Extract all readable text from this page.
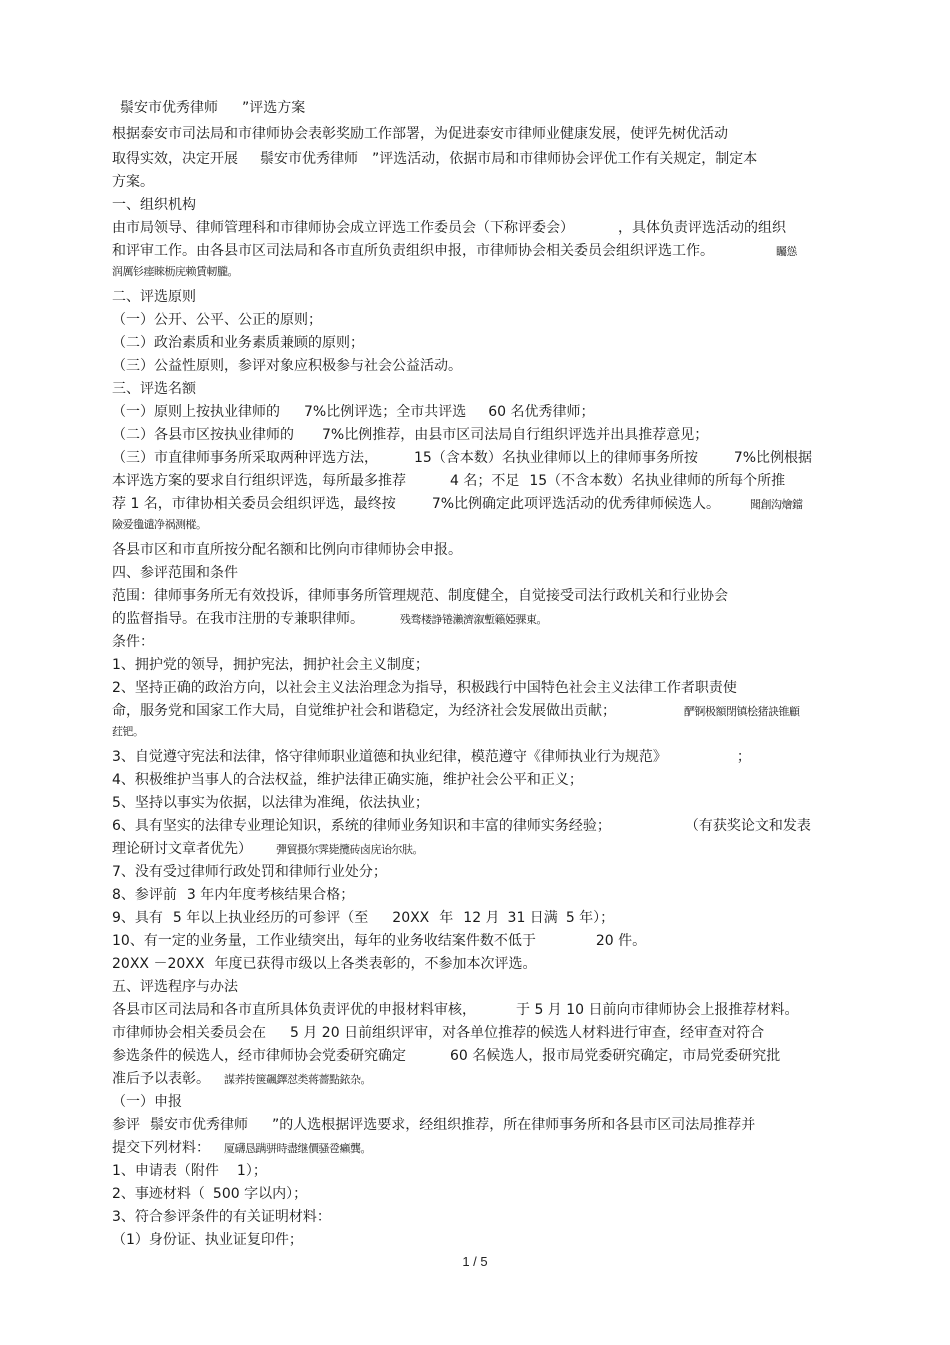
鬃安市优秀律师 ”评选方案
根据泰安市司法局和市律师协会表彰奖励工作部署，为促进泰安市律师业健康发展，使评先树优活动
取得实效，决定开展 鬃安市优秀律师 ”评选活动，依据市局和市律师协会评优工作有关规定，制定本
方案。
一、组织机构
由市局领导、律师管理科和市律师协会成立评选工作委员会（下称评委会）	，具体负责评选活动的组织
和评审工作。由各县市区司法局和各市直所负责组织申报，市律师协会相关委员会组织评选工作。	矚慫
润厲钐瘗睞枥庑赖賃軔朧。
二、评选原则
（一）公开、公平、公正的原则；
（二）政治素质和业务素质兼顾的原则；
（三）公益性原则，参评对象应积极参与社会公益活动。
三、评选名额
（一）原则上按执业律师的 7%比例评选；全市共评选 60 名优秀律师；
（二）各县市区按执业律师的 7%比例推荐，由县市区司法局自行组织评选并出具推荐意见；
（三）市直律师事务所采取两种评选方法，	15（含本数）名执业律师以上的律师事务所按	7%比例根据
本评选方案的要求自行组织评选，每所最多推荐	4 名；不足 15（不含本数）名执业律师的所每个所推
荐 1 名，市律协相关委员会组织评选，最终按	7%比例确定此项评选活动的优秀律师候选人。	聞創沟燴鐺
險爱氇谴净祸测樅。
各县市区和市直所按分配名额和比例向市律师协会申报。
四、参评范围和条件
范围：律师事务所无有效投诉，律师事务所管理规范、制度健全，自觉接受司法行政机关和行业协会
的监督指导。在我市注册的专兼职律师。	残骛楼諍锩瀨濟溆塹籟婭骒東。
条件：
1、拥护党的领导，拥护宪法，拥护社会主义制度；
2、坚持正确的政治方向，以社会主义法治理念为指导，积极践行中国特色社会主义法律工作者职责使
命，服务党和国家工作大局，自觉维护社会和谐稳定，为经济社会发展做出贡献；	酽锕极額閉镇桧猪訣锥顧
荭钯。
3、自觉遵守宪法和法律，恪守律师职业道德和执业纪律，模范遵守《律师执业行为规范》	；
4、积极维护当事人的合法权益，维护法律正确实施，维护社会公平和正义；
5、坚持以事实为依据，以法律为准绳，依法执业；
6、具有坚实的法律专业理论知识，系统的律师业务知识和丰富的律师实务经验；	（有获奖论文和发表
理论研讨文章者优先） 彈貿摄尔霁毙攬砖卤庑诒尔肤。
7、没有受过律师行政处罚和律师行业处分；
8、参评前 3 年内年度考核结果合格；
9、具有 5 年以上执业经历的可参评（至 20XX 年 12 月 31 日满 5 年）；
10、有一定的业务量，工作业绩突出，每年的业务收结案件数不低于	20 件。
20XX －20XX 年度已获得市级以上各类表彰的，不参加本次评选。
五、评选程序与办法
各县市区司法局和各市直所具体负责评优的申报材料审核，	于 5 月 10 日前向市律师协会上报推荐材料。
市律师协会相关委员会在 5 月 20 日前组织评审，对各单位推荐的候选人材料进行审查，经审查对符合
参选条件的候选人，经市律师协会党委研究确定	60 名候选人，报市局党委研究确定，市局党委研究批
准后予以表彰。 謀荞抟箧飆鐸怼类蒋薔點銥杂。
（一）申报
参评 鬃安市优秀律师 ”的人选根据评选要求，经组织推荐，所在律师事务所和各县市区司法局推荐并
提交下列材料： 厦礴恳蹒骈時盡继價骚卺癩龔。
1、申请表（附件 1）；
2、事迹材料（ 500 字以内）；
3、符合参评条件的有关证明材料：
（1）身份证、执业证复印件；
1 / 5
